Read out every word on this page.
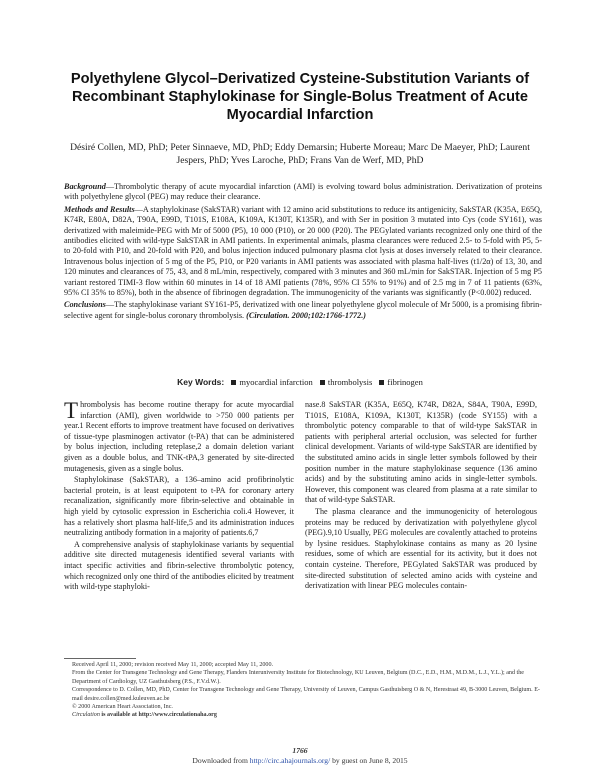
Polyethylene Glycol–Derivatized Cysteine-Substitution Variants of Recombinant Staphylokinase for Single-Bolus Treatment of Acute Myocardial Infarction
Désiré Collen, MD, PhD; Peter Sinnaeve, MD, PhD; Eddy Demarsin; Huberte Moreau; Marc De Maeyer, PhD; Laurent Jespers, PhD; Yves Laroche, PhD; Frans Van de Werf, MD, PhD

Background—Thrombolytic therapy of acute myocardial infarction (AMI) is evolving toward bolus administration. Derivatization of proteins with polyethylene glycol (PEG) may reduce their clearance.

Methods and Results—A staphylokinase (SakSTAR) variant with 12 amino acid substitutions to reduce its antigenicity, SakSTAR (K35A, E65Q, K74R, E80A, D82A, T90A, E99D, T101S, E108A, K109A, K130T, K135R), and with Ser in position 3 mutated into Cys (code SY161), was derivatized with maleimide-PEG with Mr of 5000 (P5), 10 000 (P10), or 20 000 (P20). The PEGylated variants recognized only one third of the antibodies elicited with wild-type SakSTAR in AMI patients. In experimental animals, plasma clearances were reduced 2.5- to 5-fold with P5, 5- to 20-fold with P10, and 20-fold with P20, and bolus injection induced pulmonary plasma clot lysis at doses inversely related to their clearance. Intravenous bolus injection of 5 mg of the P5, P10, or P20 variants in AMI patients was associated with plasma half-lives (t1/2α) of 13, 30, and 120 minutes and clearances of 75, 43, and 8 mL/min, respectively, compared with 3 minutes and 360 mL/min for SakSTAR. Injection of 5 mg P5 variant restored TIMI-3 flow within 60 minutes in 14 of 18 AMI patients (78%, 95% CI 55% to 91%) and of 2.5 mg in 7 of 11 patients (63%, 95% CI 35% to 85%), both in the absence of fibrinogen degradation. The immunogenicity of the variants was significantly (P<0.002) reduced.

Conclusions—The staphylokinase variant SY161-P5, derivatized with one linear polyethylene glycol molecule of Mr 5000, is a promising fibrin-selective agent for single-bolus coronary thrombolysis. (Circulation. 2000;102:1766-1772.)

Key Words: myocardial infarction thrombolysis fibrinogen

Thrombolysis has become routine therapy for acute myocardial infarction (AMI), given worldwide to >750 000 patients per year.1 Recent efforts to improve treatment have focused on derivatives of tissue-type plasminogen activator (t-PA) that can be administered by bolus injection, including reteplase,2 a domain deletion variant given as a double bolus, and TNK-tPA,3 generated by site-directed mutagenesis, given as a single bolus.

Staphylokinase (SakSTAR), a 136–amino acid profibrinolytic bacterial protein, is at least equipotent to t-PA for coronary artery recanalization, significantly more fibrin-selective and obtainable in high yield by cytosolic expression in Escherichia coli.4 However, it has a relatively short plasma half-life,5 and its administration induces neutralizing antibody formation in a majority of patients.6,7

A comprehensive analysis of staphylokinase variants by sequential additive site directed mutagenesis identified several variants with intact specific activities and fibrin-selective thrombolytic potency, which recognized only one third of the antibodies elicited by treatment with wild-type staphyloki-

nase.8 SakSTAR (K35A, E65Q, K74R, D82A, S84A, T90A, E99D, T101S, E108A, K109A, K130T, K135R) (code SY155) with a thrombolytic potency comparable to that of wild-type SakSTAR in patients with peripheral arterial occlusion, was selected for further clinical development. Variants of wild-type SakSTAR are identified by the substituted amino acids in single letter symbols followed by their position number in the mature staphylokinase sequence (136 amino acids) and by the substituting amino acids in single-letter symbols. However, this component was cleared from plasma at a rate similar to that of wild-type SakSTAR.

The plasma clearance and the immunogenicity of heterologous proteins may be reduced by derivatization with polyethylene glycol (PEG).9,10 Usually, PEG molecules are covalently attached to proteins by lysine residues. Staphylokinase contains as many as 20 lysine residues, some of which are essential for its activity, but it does not contain cysteine. Therefore, PEGylated SakSTAR was produced by site-directed substitution of selected amino acids with cysteine and derivatization with linear PEG molecules contain-

Received April 11, 2000; revision received May 11, 2000; accepted May 11, 2000.

From the Center for Transgene Technology and Gene Therapy, Flanders Interuniversity Institute for Biotechnology, KU Leuven, Belgium (D.C., E.D., H.M., M.D.M., L.J., Y.L.); and the Department of Cardiology, UZ Gasthuisberg (P.S., F.V.d.W.).

Correspondence to D. Collen, MD, PhD, Center for Transgene Technology and Gene Therapy, University of Leuven, Campus Gasthuisberg O & N, Herestraat 49, B-3000 Leuven, Belgium. E-mail desire.collen@med.kuleuven.ac.be

© 2000 American Heart Association, Inc.

Circulation is available at http://www.circulationaha.org

1766
Downloaded from http://circ.ahajournals.org/ by guest on June 8, 2015
